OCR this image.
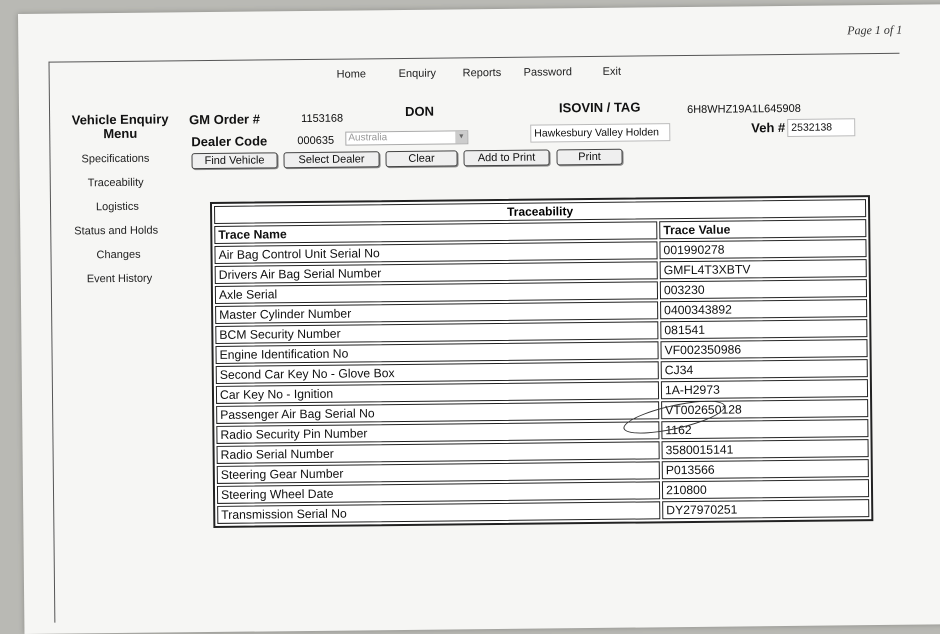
Page 1 of 1
Home	Enquiry Reports Password	Exit
Vehicle Enquiry Menu
Specifications
Traceability
Logistics
Status and Holds
Changes
Event History
GM Order #	1153168	DON	ISOVIN / TAG	6H8WHZ19A1L645908
Dealer Code	000635	Australia	▼	Hawkesbury Valley Holden	Veh # 2532138
Find Vehicle	Select Dealer	Clear	Add to Print	Print
Traceability
Trace Name	Trace Value
Air Bag Control Unit Serial No	001990278
Drivers Air Bag Serial Number	GMFL4T3XBTV
Axle Serial	003230
Master Cylinder Number	0400343892
BCM Security Number	081541
Engine Identification No	VF002350986
Second Car Key No - Glove Box	CJ34
Car Key No - Ignition	1A-H2973
Passenger Air Bag Serial No	VT002650128
Radio Security Pin Number	1162
Radio Serial Number	3580015141
Steering Gear Number	P013566
Steering Wheel Date	210800
Transmission Serial No	DY27970251
